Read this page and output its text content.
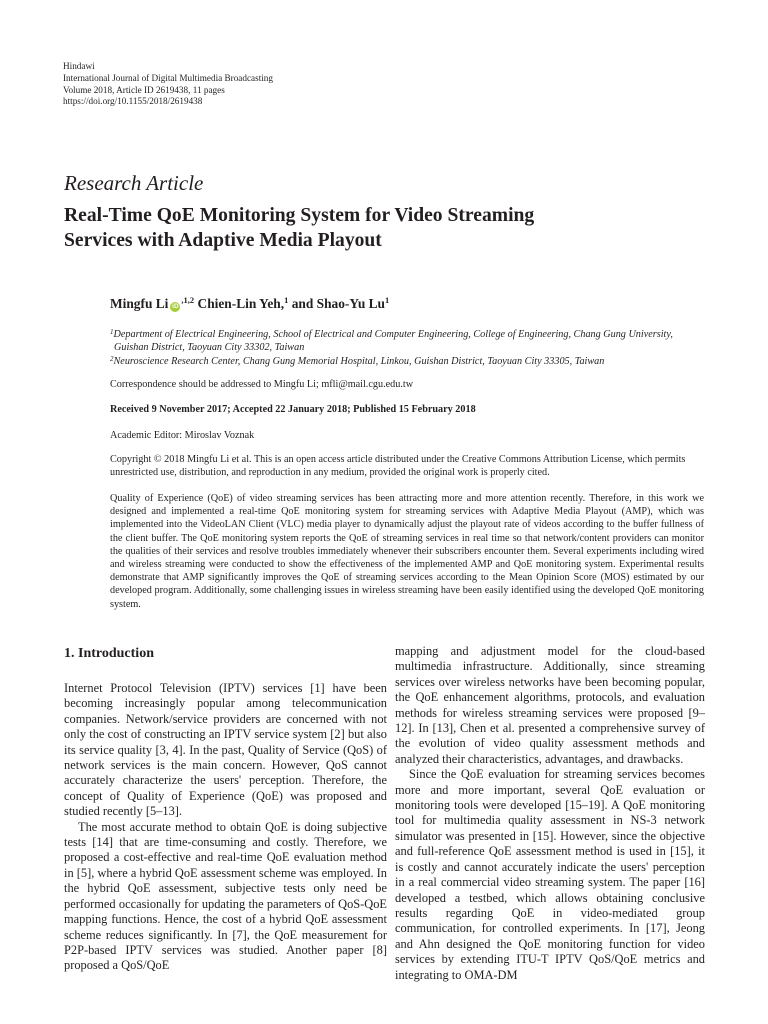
Hindawi
International Journal of Digital Multimedia Broadcasting
Volume 2018, Article ID 2619438, 11 pages
https://doi.org/10.1155/2018/2619438
Research Article
Real-Time QoE Monitoring System for Video Streaming
Services with Adaptive Media Playout
Mingfu Li $iD^{,1,2}$ Chien-Lin Yeh,$^1$ and Shao-Yu Lu$^1$
$^1$Department of Electrical Engineering, School of Electrical and Computer Engineering, College of Engineering, Chang Gung University,
Guishan District, Taoyuan City 33302, Taiwan
$^2$Neuroscience Research Center, Chang Gung Memorial Hospital, Linkou, Guishan District, Taoyuan City 33305, Taiwan
Correspondence should be addressed to Mingfu Li; mfli@mail.cgu.edu.tw
Received 9 November 2017; Accepted 22 January 2018; Published 15 February 2018
Academic Editor: Miroslav Voznak
Copyright © 2018 Mingfu Li et al. This is an open access article distributed under the Creative Commons Attribution License, which permits unrestricted use, distribution, and reproduction in any medium, provided the original work is properly cited.
Quality of Experience (QoE) of video streaming services has been attracting more and more attention recently. Therefore, in this work we designed and implemented a real-time QoE monitoring system for streaming services with Adaptive Media Playout (AMP), which was implemented into the VideoLAN Client (VLC) media player to dynamically adjust the playout rate of videos according to the buffer fullness of the client buffer. The QoE monitoring system reports the QoE of streaming services in real time so that network/content providers can monitor the qualities of their services and resolve troubles immediately whenever their subscribers encounter them. Several experiments including wired and wireless streaming were conducted to show the effectiveness of the implemented AMP and QoE monitoring system. Experimental results demonstrate that AMP significantly improves the QoE of streaming services according to the Mean Opinion Score (MOS) estimated by our developed program. Additionally, some challenging issues in wireless streaming have been easily identified using the developed QoE monitoring system.
1. Introduction

Internet Protocol Television (IPTV) services [1] have been becoming increasingly popular among telecommunication companies. Network/service providers are concerned with not only the cost of constructing an IPTV service system [2] but also its service quality [3, 4]. In the past, Quality of Service (QoS) of network services is the main concern. However, QoS cannot accurately characterize the users' perception. Therefore, the concept of Quality of Experience (QoE) was proposed and studied recently [5–13].

The most accurate method to obtain QoE is doing subjective tests [14] that are time-consuming and costly. Therefore, we proposed a cost-effective and real-time QoE evaluation method in [5], where a hybrid QoE assessment scheme was employed. In the hybrid QoE assessment, subjective tests only need be performed occasionally for updating the parameters of QoS-QoE mapping functions. Hence, the cost of a hybrid QoE assessment scheme reduces significantly. In [7], the QoE measurement for P2P-based IPTV services was studied. Another paper [8] proposed a QoS/QoE

mapping and adjustment model for the cloud-based multimedia infrastructure. Additionally, since streaming services over wireless networks have been becoming popular, the QoE enhancement algorithms, protocols, and evaluation methods for wireless streaming services were proposed [9–12]. In [13], Chen et al. presented a comprehensive survey of the evolution of video quality assessment methods and analyzed their characteristics, advantages, and drawbacks.

Since the QoE evaluation for streaming services becomes more and more important, several QoE evaluation or monitoring tools were developed [15–19]. A QoE monitoring tool for multimedia quality assessment in NS-3 network simulator was presented in [15]. However, since the objective and full-reference QoE assessment method is used in [15], it is costly and cannot accurately indicate the users' perception in a real commercial video streaming system. The paper [16] developed a testbed, which allows obtaining conclusive results regarding QoE in video-mediated group communication, for controlled experiments. In [17], Jeong and Ahn designed the QoE monitoring function for video services by extending ITU-T IPTV QoS/QoE metrics and integrating to OMA-DM
